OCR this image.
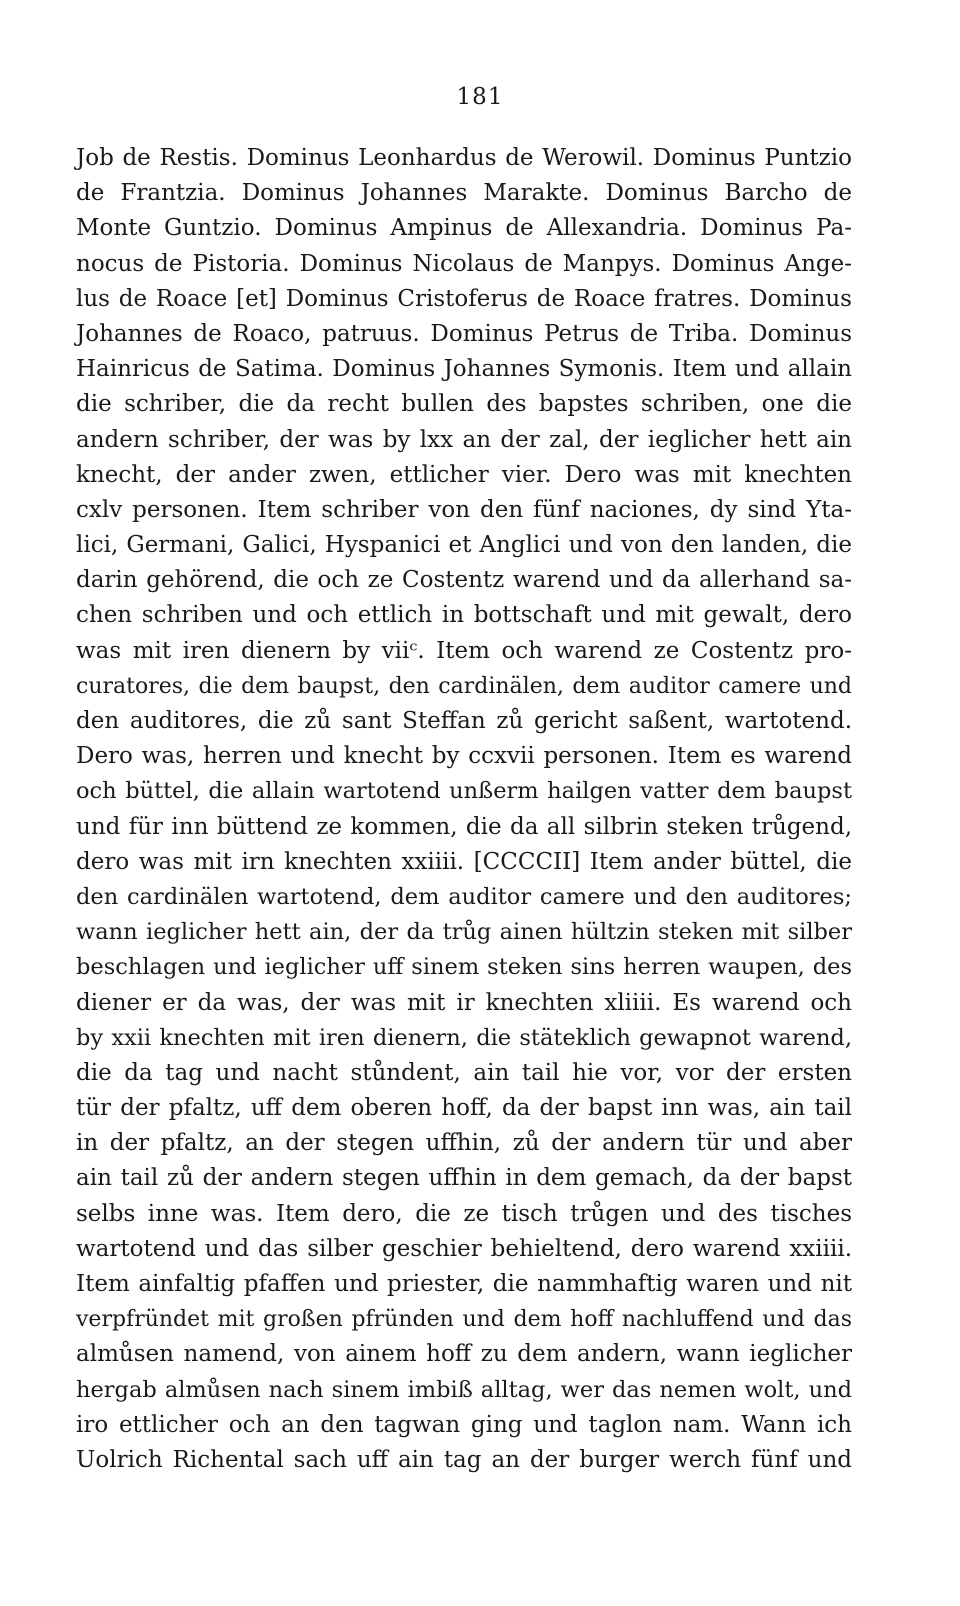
181
Job de Restis. Dominus Leonhardus de Werowil. Dominus Puntzio
de Frantzia. Dominus Johannes Marakte. Dominus Barcho de
Monte Guntzio. Dominus Ampinus de Allexandria. Dominus Pa-
nocus de Pistoria. Dominus Nicolaus de Manpys. Dominus Ange-
lus de Roace [et] Dominus Cristoferus de Roace fratres. Dominus
Johannes de Roaco, patruus. Dominus Petrus de Triba. Dominus
Hainricus de Satima. Dominus Johannes Symonis. Item und allain
die schriber, die da recht bullen des bapstes schriben, one die
andern schriber, der was by lxx an der zal, der ieglicher hett ain
knecht, der ander zwen, ettlicher vier. Dero was mit knechten
cxlv personen. Item schriber von den fünf naciones, dy sind Yta-
lici, Germani, Galici, Hyspanici et Anglici und von den landen, die
darin gehörend, die och ze Costentz warend und da allerhand sa-
chen schriben und och ettlich in bottschaft und mit gewalt, dero
was mit iren dienern by viiᶜ. Item och warend ze Costentz pro-
curatores, die dem baupst, den cardinälen, dem auditor camere und
den auditores, die zů sant Steffan zů gericht saßent, wartotend.
Dero was, herren und knecht by ccxvii personen. Item es warend
och büttel, die allain wartotend unßerm hailgen vatter dem baupst
und für inn büttend ze kommen, die da all silbrin steken trůgend,
dero was mit irn knechten xxiiii. [CCCCII] Item ander büttel, die
den cardinälen wartotend, dem auditor camere und den auditores;
wann ieglicher hett ain, der da trůg ainen hültzin steken mit silber
beschlagen und ieglicher uff sinem steken sins herren waupen, des
diener er da was, der was mit ir knechten xliiii. Es warend och
by xxii knechten mit iren dienern, die stäteklich gewapnot warend,
die da tag und nacht stůndent, ain tail hie vor, vor der ersten
tür der pfaltz, uff dem oberen hoff, da der bapst inn was, ain tail
in der pfaltz, an der stegen uffhin, zů der andern tür und aber
ain tail zů der andern stegen uffhin in dem gemach, da der bapst
selbs inne was. Item dero, die ze tisch trůgen und des tisches
wartotend und das silber geschier behieltend, dero warend xxiiii.
Item ainfaltig pfaffen und priester, die nammhaftig waren und nit
verpfründet mit großen pfründen und dem hoff nachluffend und das
almůsen namend, von ainem hoff zu dem andern, wann ieglicher
hergab almůsen nach sinem imbiß alltag, wer das nemen wolt, und
iro ettlicher och an den tagwan ging und taglon nam. Wann ich
Uolrich Richental sach uff ain tag an der burger werch fünf und
